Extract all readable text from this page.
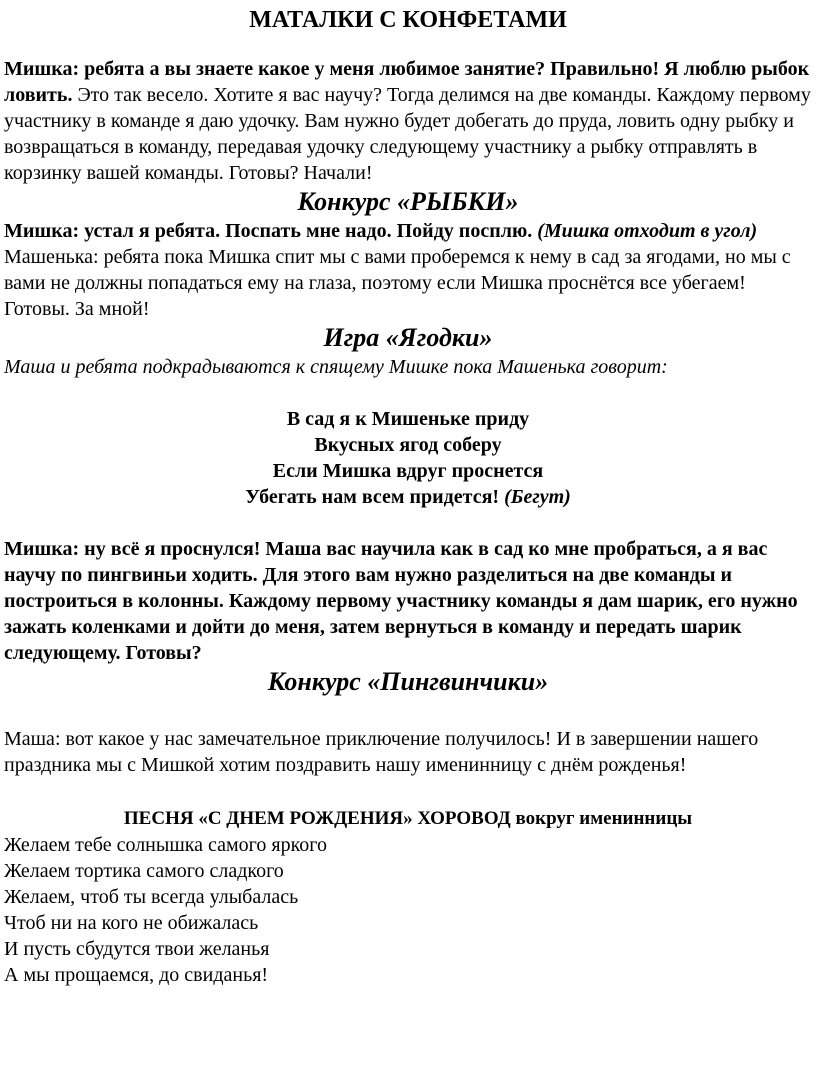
МАТАЛКИ С КОНФЕТАМИ

Мишка: ребята а вы знаете какое у меня любимое занятие? Правильно! Я люблю рыбок ловить. Это так весело. Хотите я вас научу? Тогда делимся на две команды. Каждому первому участнику в команде я даю удочку. Вам нужно будет добегать до пруда, ловить одну рыбку и возвращаться в команду, передавая удочку следующему участнику а рыбку отправлять в корзинку вашей команды. Готовы? Начали!

Конкурс «РЫБКИ»

Мишка: устал я ребята. Поспать мне надо. Пойду посплю. (Мишка отходит в угол)

Машенька: ребята пока Мишка спит мы с вами проберемся к нему в сад за ягодами, но мы с вами не должны попадаться ему на глаза, поэтому если Мишка проснётся все убегаем! Готовы. За мной!

Игра «Ягодки»

Маша и ребята подкрадываются к спящему Мишке пока Машенька говорит:

В сад я к Мишеньке приду
Вкусных ягод соберу
Если Мишка вдруг проснется
Убегать нам всем придется! (Бегут)

Мишка: ну всё я проснулся! Маша вас научила как в сад ко мне пробраться, а я вас научу по пингвиньи ходить. Для этого вам нужно разделиться на две команды и построиться в колонны. Каждому первому участнику команды я дам шарик, его нужно зажать коленками и дойти до меня, затем вернуться в команду и передать шарик следующему. Готовы?

Конкурс «Пингвинчики»

Маша: вот какое у нас замечательное приключение получилось! И в завершении нашего праздника мы с Мишкой хотим поздравить нашу именинницу с днём рожденья!

ПЕСНЯ «С ДНЕМ РОЖДЕНИЯ» ХОРОВОД вокруг именинницы
Желаем тебе солнышка самого яркого
Желаем тортика самого сладкого
Желаем, чтоб ты всегда улыбалась
Чтоб ни на кого не обижалась
И пусть сбудутся твои желанья
А мы прощаемся, до свиданья!
